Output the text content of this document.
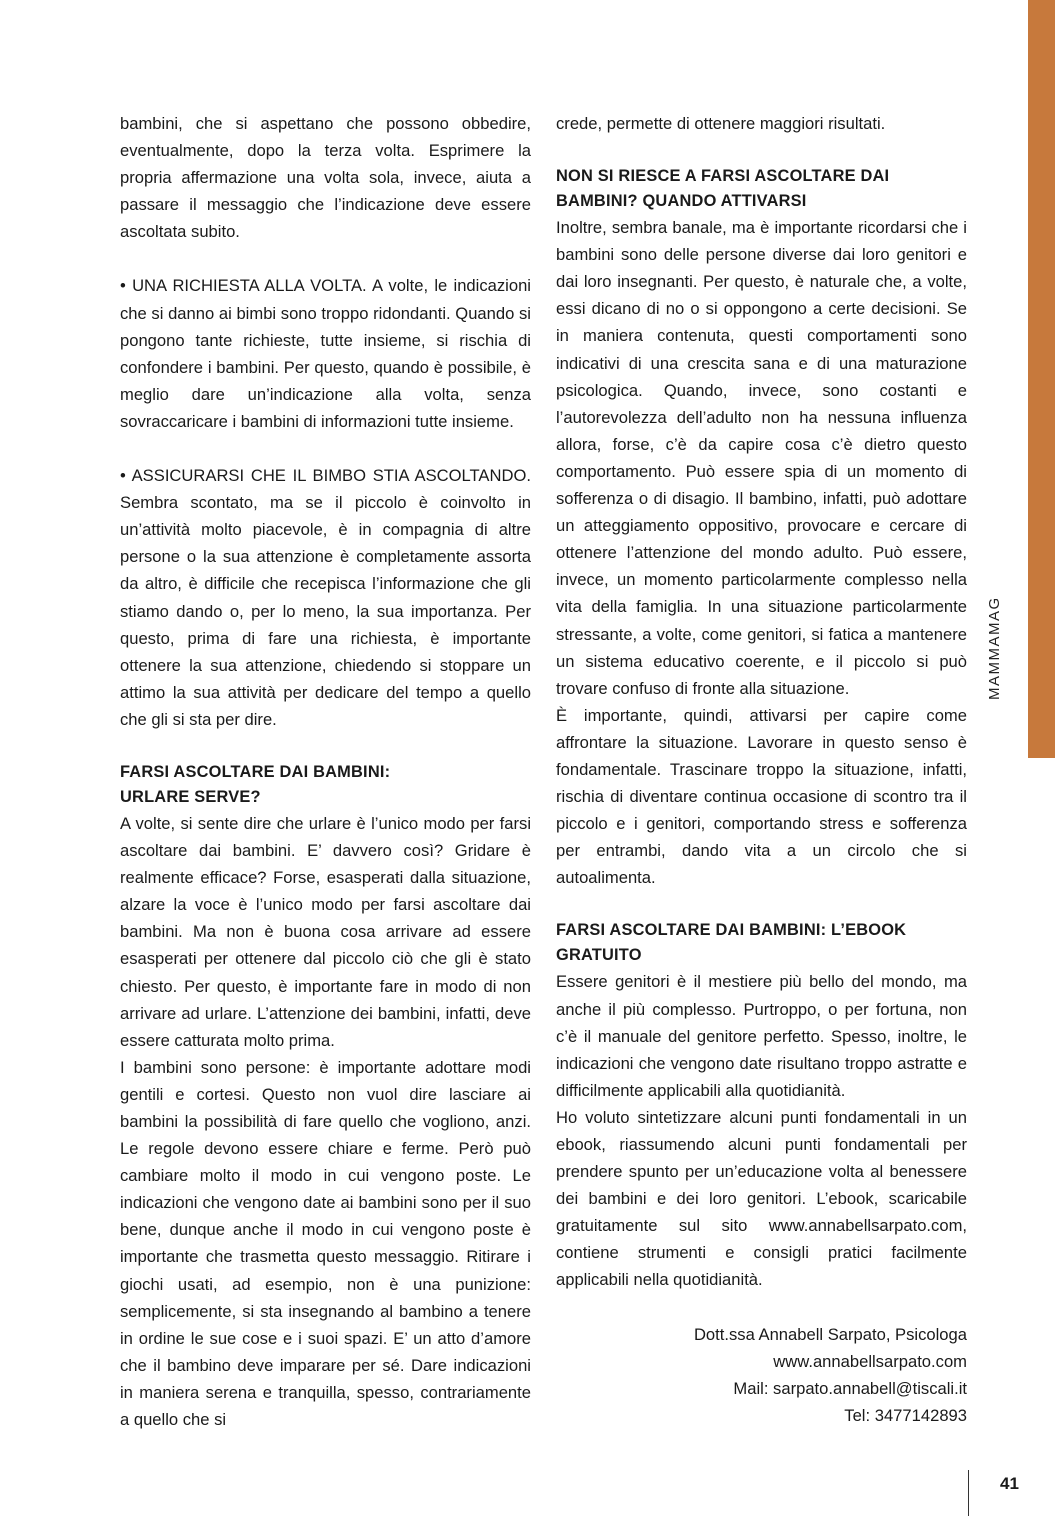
MAMMAMAG

bambini, che si aspettano che possono obbedire, eventualmente, dopo la terza volta. Esprimere la propria affermazione una volta sola, invece, aiuta a passare il messaggio che l’indicazione deve essere ascoltata subito.

• UNA RICHIESTA ALLA VOLTA. A volte, le indicazioni che si danno ai bimbi sono troppo ridondanti. Quando si pongono tante richieste, tutte insieme, si rischia di confondere i bambini. Per questo, quando è possibile, è meglio dare un’indicazione alla volta, senza sovraccaricare i bambini di informazioni tutte insieme.

• ASSICURARSI CHE IL BIMBO STIA ASCOLTANDO. Sembra scontato, ma se il piccolo è coinvolto in un’attività molto piacevole, è in compagnia di altre persone o la sua attenzione è completamente assorta da altro, è difficile che recepisca l’informazione che gli stiamo dando o, per lo meno, la sua importanza. Per questo, prima di fare una richiesta, è importante ottenere la sua attenzione, chiedendo si stoppare un attimo la sua attività per dedicare del tempo a quello che gli si sta per dire.

FARSI ASCOLTARE DAI BAMBINI:
URLARE SERVE?

A volte, si sente dire che urlare è l’unico modo per farsi ascoltare dai bambini. E’ davvero così? Gridare è realmente efficace? Forse, esasperati dalla situazione, alzare la voce è l’unico modo per farsi ascoltare dai bambini. Ma non è buona cosa arrivare ad essere esasperati per ottenere dal piccolo ciò che gli è stato chiesto. Per questo, è importante fare in modo di non arrivare ad urlare. L’attenzione dei bambini, infatti, deve essere catturata molto prima.

I bambini sono persone: è importante adottare modi gentili e cortesi. Questo non vuol dire lasciare ai bambini la possibilità di fare quello che vogliono, anzi. Le regole devono essere chiare e ferme. Però può cambiare molto il modo in cui vengono poste. Le indicazioni che vengono date ai bambini sono per il suo bene, dunque anche il modo in cui vengono poste è importante che trasmetta questo messaggio. Ritirare i giochi usati, ad esempio, non è una punizione: semplicemente, si sta insegnando al bambino a tenere in ordine le sue cose e i suoi spazi. E’ un atto d’amore che il bambino deve imparare per sé. Dare indicazioni in maniera serena e tranquilla, spesso, contrariamente a quello che si

crede, permette di ottenere maggiori risultati.

NON SI RIESCE A FARSI ASCOLTARE DAI BAMBINI? QUANDO ATTIVARSI

Inoltre, sembra banale, ma è importante ricordarsi che i bambini sono delle persone diverse dai loro genitori e dai loro insegnanti. Per questo, è naturale che, a volte, essi dicano di no o si oppongono a certe decisioni. Se in maniera contenuta, questi comportamenti sono indicativi di una crescita sana e di una maturazione psicologica. Quando, invece, sono costanti e l’autorevolezza dell’adulto non ha nessuna influenza allora, forse, c’è da capire cosa c’è dietro questo comportamento. Può essere spia di un momento di sofferenza o di disagio. Il bambino, infatti, può adottare un atteggiamento oppositivo, provocare e cercare di ottenere l’attenzione del mondo adulto. Può essere, invece, un momento particolarmente complesso nella vita della famiglia. In una situazione particolarmente stressante, a volte, come genitori, si fatica a mantenere un sistema educativo coerente, e il piccolo si può trovare confuso di fronte alla situazione.

È importante, quindi, attivarsi per capire come affrontare la situazione. Lavorare in questo senso è fondamentale. Trascinare troppo la situazione, infatti, rischia di diventare continua occasione di scontro tra il piccolo e i genitori, comportando stress e sofferenza per entrambi, dando vita a un circolo che si autoalimenta.

FARSI ASCOLTARE DAI BAMBINI: L’EBOOK GRATUITO

Essere genitori è il mestiere più bello del mondo, ma anche il più complesso. Purtroppo, o per fortuna, non c’è il manuale del genitore perfetto. Spesso, inoltre, le indicazioni che vengono date risultano troppo astratte e difficilmente applicabili alla quotidianità.

Ho voluto sintetizzare alcuni punti fondamentali in un ebook, riassumendo alcuni punti fondamentali per prendere spunto per un’educazione volta al benessere dei bambini e dei loro genitori. L’ebook, scaricabile gratuitamente sul sito www.annabellsarpato.com, contiene strumenti e consigli pratici facilmente applicabili nella quotidianità.

Dott.ssa Annabell Sarpato, Psicologa
www.annabellsarpato.com
Mail: sarpato.annabell@tiscali.it
Tel: 3477142893
41
